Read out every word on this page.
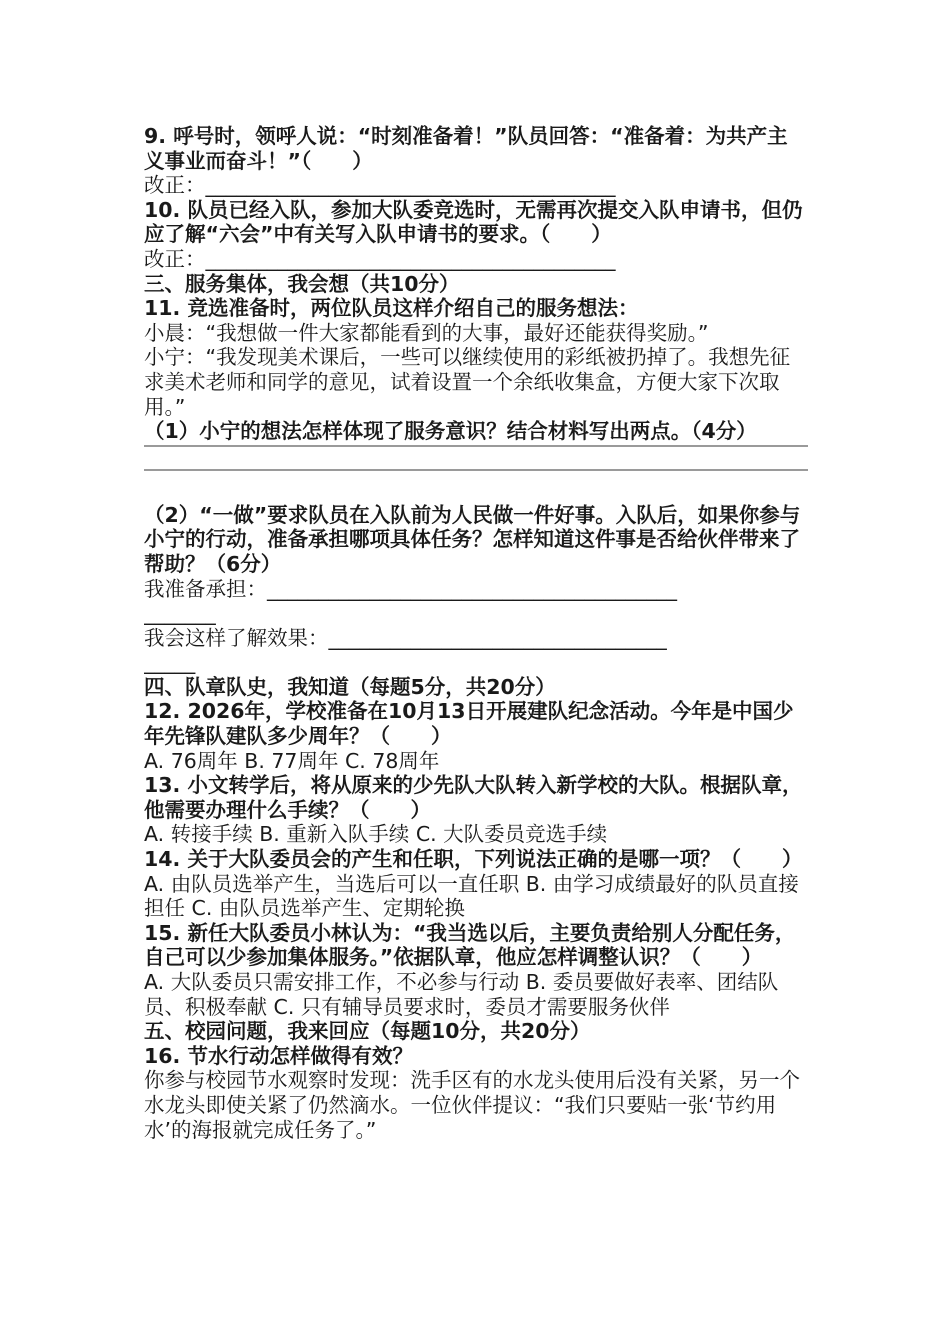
9. 呼号时，领呼人说：“时刻准备着！”队员回答：“准备着：为共产主义事业而奋斗！”（　　）

改正：________________________________________

10. 队员已经入队，参加大队委竞选时，无需再次提交入队申请书，但仍应了解“六会”中有关写入队申请书的要求。（　　）

改正：________________________________________

三、服务集体，我会想（共10分）

11. 竞选准备时，两位队员这样介绍自己的服务想法：

小晨：“我想做一件大家都能看到的大事，最好还能获得奖励。”

小宁：“我发现美术课后，一些可以继续使用的彩纸被扔掉了。我想先征求美术老师和同学的意见，试着设置一个余纸收集盒，方便大家下次取用。”

（1）小宁的想法怎样体现了服务意识？结合材料写出两点。（4分）

（2）“一做”要求队员在入队前为人民做一件好事。入队后，如果你参与小宁的行动，准备承担哪项具体任务？怎样知道这件事是否给伙伴带来了帮助？（6分）

我准备承担：________________________________________

_______

我会这样了解效果：_________________________________

_____

四、队章队史，我知道（每题5分，共20分）

12. 2026年，学校准备在10月13日开展建队纪念活动。今年是中国少年先锋队建队多少周年？（　　）

A. 76周年 B. 77周年 C. 78周年

13. 小文转学后，将从原来的少先队大队转入新学校的大队。根据队章，他需要办理什么手续？（　　）

A. 转接手续 B. 重新入队手续 C. 大队委员竞选手续

14. 关于大队委员会的产生和任职，下列说法正确的是哪一项？（　　）

A. 由队员选举产生，当选后可以一直任职 B. 由学习成绩最好的队员直接担任 C. 由队员选举产生、定期轮换

15. 新任大队委员小林认为：“我当选以后，主要负责给别人分配任务，自己可以少参加集体服务。”依据队章，他应怎样调整认识？（　　）

A. 大队委员只需安排工作，不必参与行动 B. 委员要做好表率、团结队员、积极奉献 C. 只有辅导员要求时，委员才需要服务伙伴

五、校园问题，我来回应（每题10分，共20分）

16. 节水行动怎样做得有效？

你参与校园节水观察时发现：洗手区有的水龙头使用后没有关紧，另一个水龙头即使关紧了仍然滴水。一位伙伴提议：“我们只要贴一张‘节约用水’的海报就完成任务了。”
